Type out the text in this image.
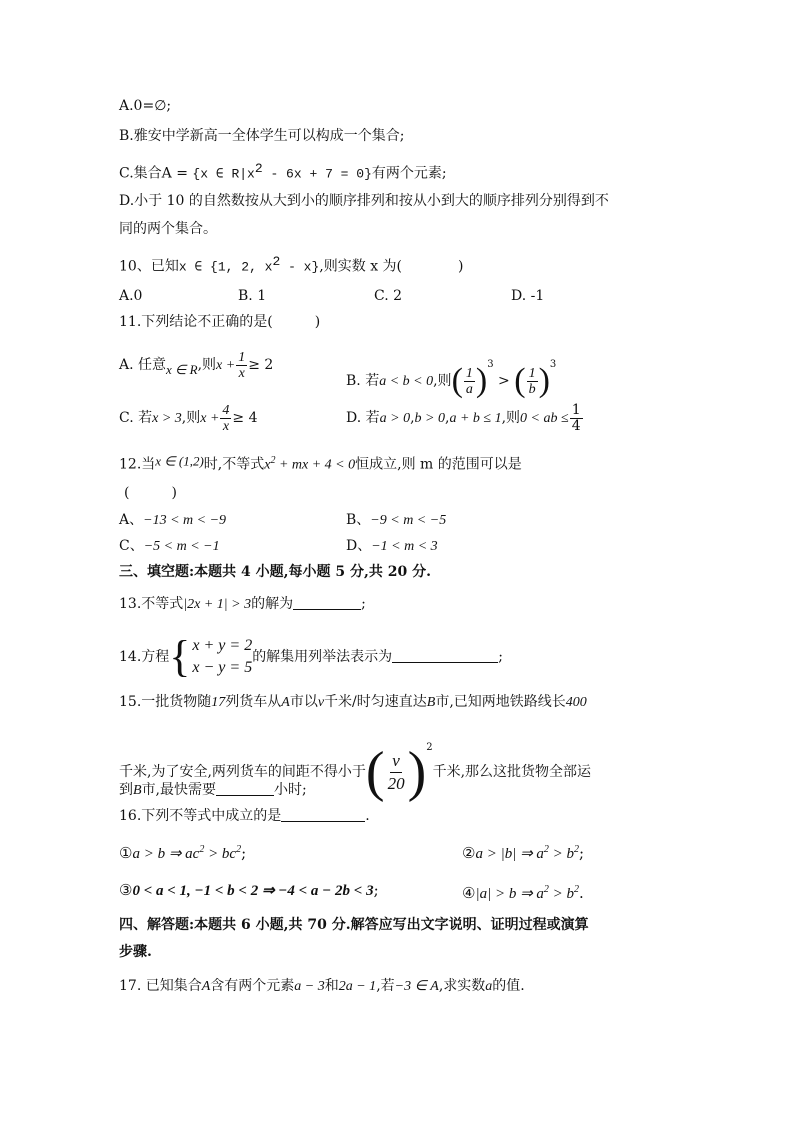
A.0=∅;
B.雅安中学新高一全体学生可以构成一个集合;
C.集合A = {x ∈ $R|x^2 - 6x + 7 = 0$}有两个元素;
D.小于 10 的自然数按从大到小的顺序排列和按从小到大的顺序排列分别得到不
同的两个集合。
10、已知x ∈ {1, 2, $x^2 - x$},则实数 x 为(　　　　)
A.0	B. 1	C. 2	D. -1
11.下列结论不正确的是(　　　)
A. 任意x ∈ R,则$x + \frac{1}{x} \ge 2$
B. 若a < b < 0,则( $\frac{1}{a} )^3$ > ( $\frac{1}{b} )^3$
C. 若x > 3,则$x + \frac{4}{x} \ge 4$	D. 若a > 0,b > 0,a + b ≤ 1,则0 < ab ≤ $\frac{1}{4}$
12.当x ∈ (1,2)时,不等式$x^2$ + mx + 4 < 0恒成立,则 m 的范围可以是
(　　　)
A、−13 < m < −9	B、−9 < m < −5
C、−5 < m < −1	D、−1 < m < 3
三、填空题:本题共 4 小题,每小题 5 分,共 20 分.
13.不等式|2x + 1| > 3的解为	;
14.方程 { x + y = 2
x − y = 5
的解集用列举法表示为	;
15.一批货物随17列货车从A市以v千米/时匀速直达B市,已知两地铁路线长400
千米,为了安全,两列货车的间距不得小于( $\frac{v}{20} )^2$千米,那么这批货物全部运
到B市,最快需要	小时;
16.下列不等式中成立的是	.
①a > b ⇒ $ac^2 > bc^2$;	②a > |b| ⇒ $a^2 > b^2$;
③0 < a < 1, −1 < b < 2 ⇒ −4 < a − 2b < 3;	④|a| > b ⇒ $a^2 > b^2$.
四、解答题:本题共 6 小题,共 70 分.解答应写出文字说明、证明过程或演算
步骤.
17. 已知集合A含有两个元素a − 3和2a − 1,若−3 ∈ A,求实数a的值.
